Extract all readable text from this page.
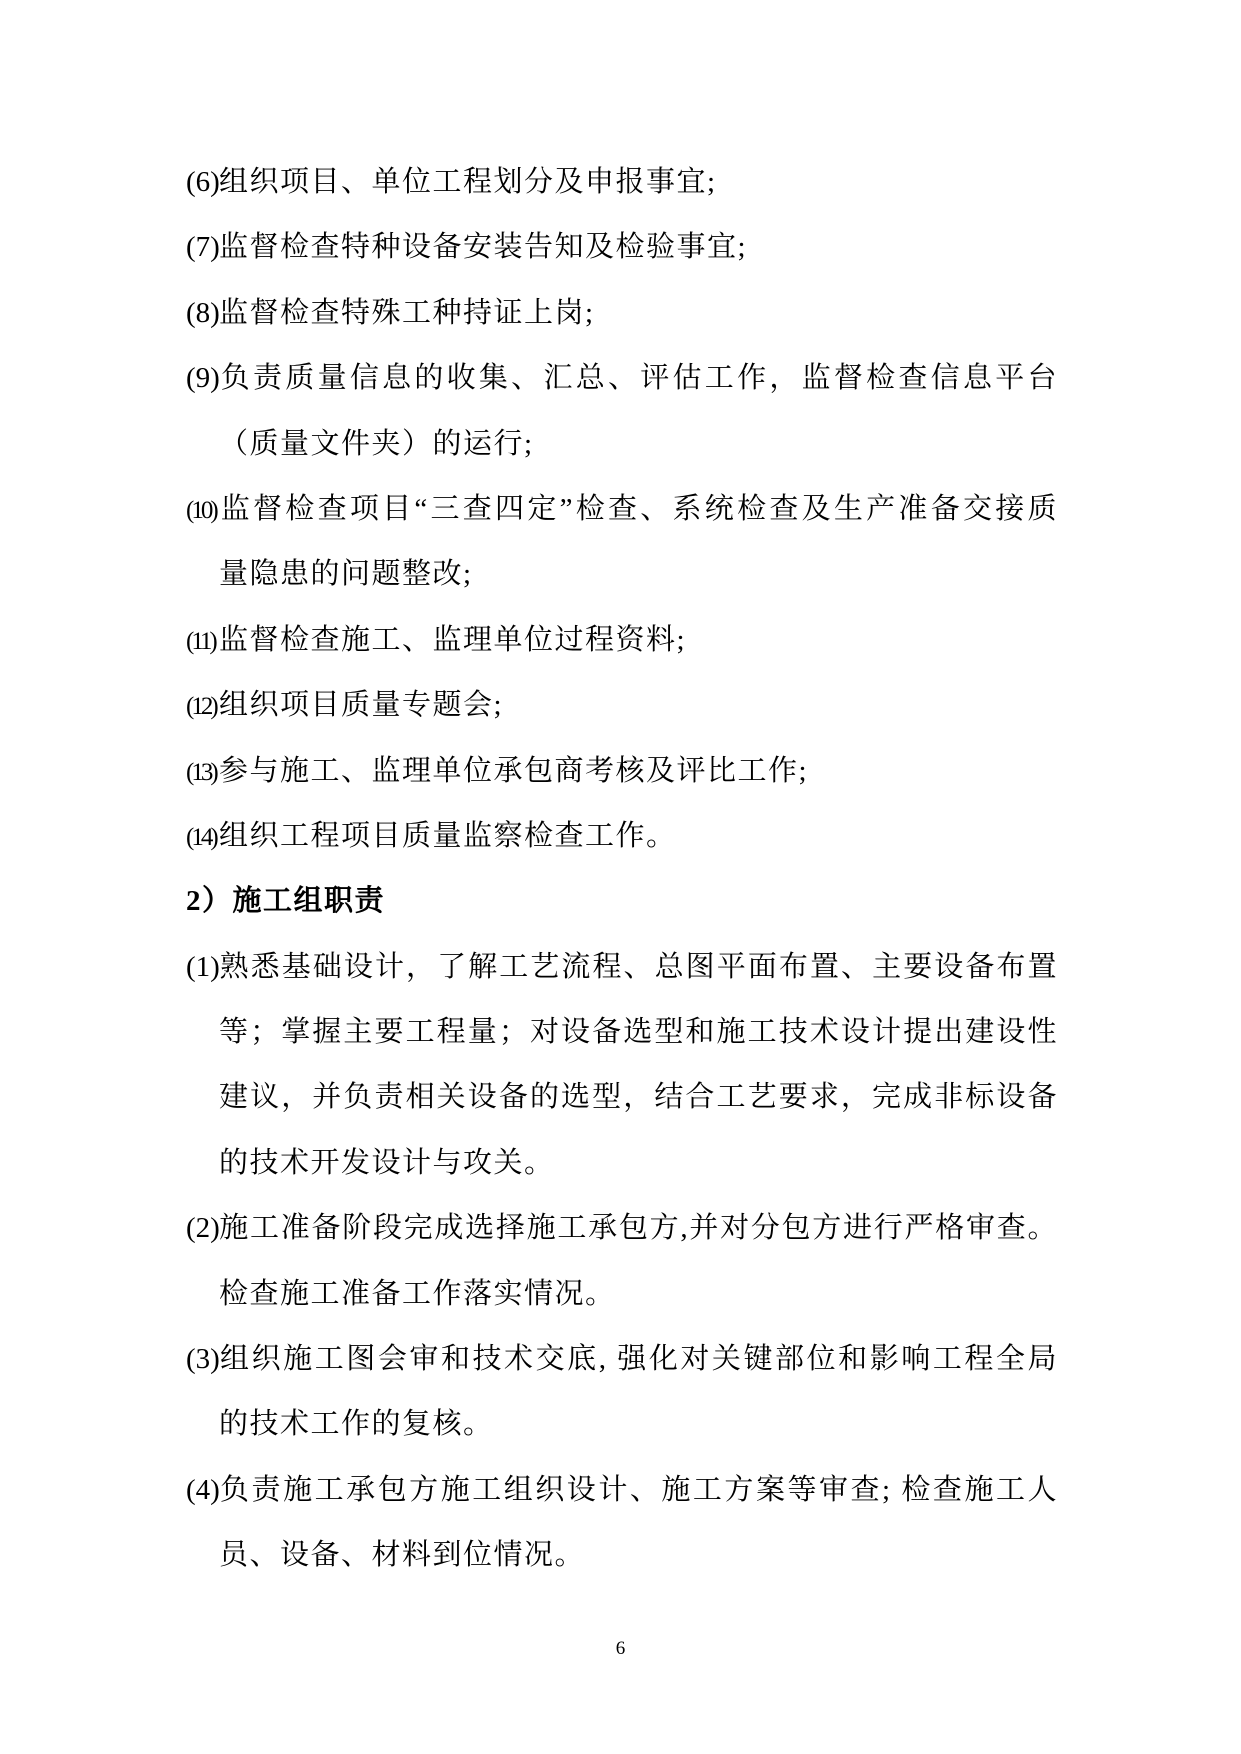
(6)组织项目、单位工程划分及申报事宜;
(7)监督检查特种设备安装告知及检验事宜;
(8)监督检查特殊工种持证上岗;
(9)负责质量信息的收集、汇总、评估工作，监督检查信息平台
（质量文件夹）的运行;
(10) 监督检查项目“三查四定”检查、系统检查及生产准备交接质
量隐患的问题整改;
(11) 监督检查施工、监理单位过程资料;
(12) 组织项目质量专题会;
(13) 参与施工、监理单位承包商考核及评比工作;
(14) 组织工程项目质量监察检查工作。
2）施工组职责
(1)熟悉基础设计，了解工艺流程、总图平面布置、主要设备布置
等；掌握主要工程量；对设备选型和施工技术设计提出建设性
建议，并负责相关设备的选型，结合工艺要求，完成非标设备
的技术开发设计与攻关。
(2)施工准备阶段完成选择施工承包方,并对分包方进行严格审查。
检查施工准备工作落实情况。
(3)组织施工图会审和技术交底, 强化对关键部位和影响工程全局
的技术工作的复核。
(4)负责施工承包方施工组织设计、施工方案等审查; 检查施工人
员、设备、材料到位情况。
6
